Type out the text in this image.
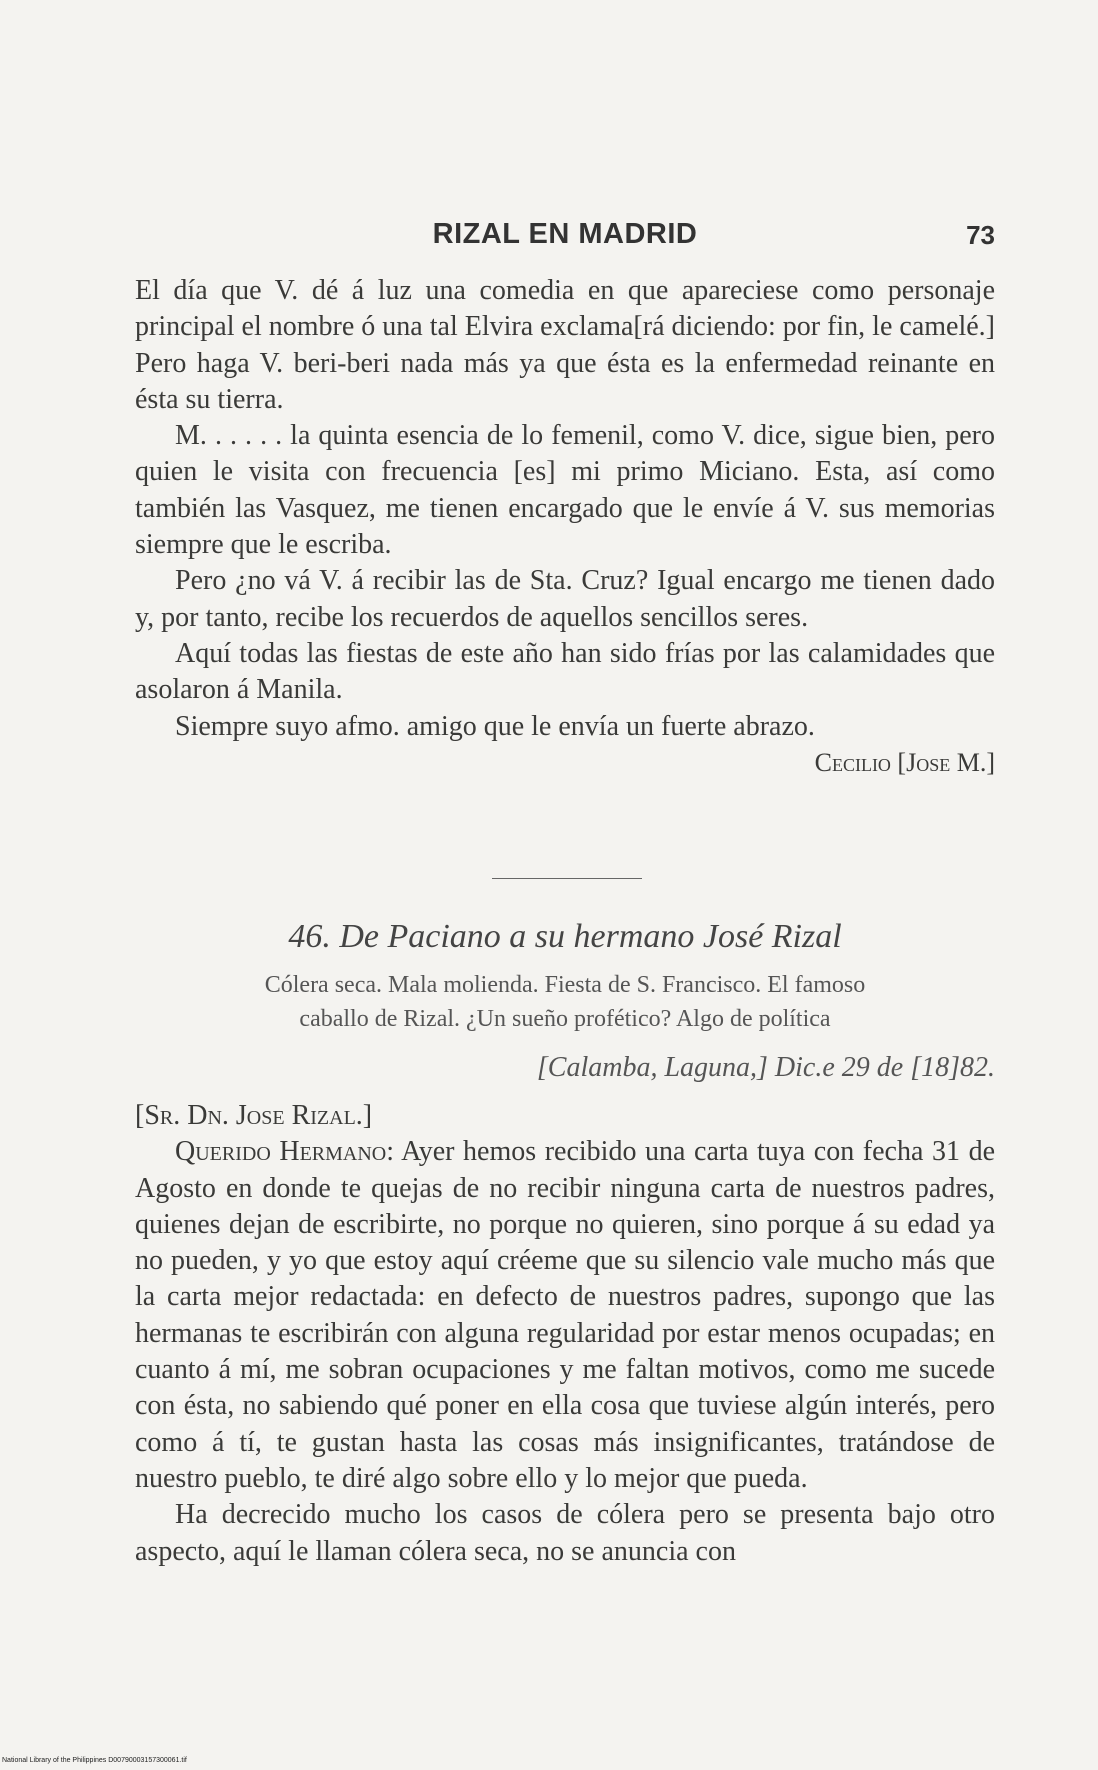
RIZAL EN MADRID	73

El día que V. dé á luz una comedia en que apareciese como personaje principal el nombre ó una tal Elvira exclama[rá diciendo: por fin, le camelé.] Pero haga V. beri-beri nada más ya que ésta es la enfermedad reinante en ésta su tierra.

M. . . . . . la quinta esencia de lo femenil, como V. dice, sigue bien, pero quien le visita con frecuencia [es] mi primo Miciano. Esta, así como también las Vasquez, me tienen encargado que le envíe á V. sus memorias siempre que le escriba.

Pero ¿no vá V. á recibir las de Sta. Cruz? Igual encargo me tienen dado y, por tanto, recibe los recuerdos de aquellos sencillos seres.

Aquí todas las fiestas de este año han sido frías por las calamidades que asolaron á Manila.

Siempre suyo afmo. amigo que le envía un fuerte abrazo.

Cecilio [Jose M.]
46. De Paciano a su hermano José Rizal
Cólera seca. Mala molienda. Fiesta de S. Francisco. El famoso
caballo de Rizal. ¿Un sueño profético? Algo de política
[Calamba, Laguna,] Dic.e 29 de [18]82.

[Sr. Dn. Jose Rizal.]

Querido Hermano: Ayer hemos recibido una carta tuya con fecha 31 de Agosto en donde te quejas de no recibir ninguna carta de nuestros padres, quienes dejan de escribirte, no porque no quieren, sino porque á su edad ya no pueden, y yo que estoy aquí créeme que su silencio vale mucho más que la carta mejor redactada: en defecto de nuestros padres, supongo que las hermanas te escribirán con alguna regularidad por estar menos ocupadas; en cuanto á mí, me sobran ocupaciones y me faltan motivos, como me sucede con ésta, no sabiendo qué poner en ella cosa que tuviese algún interés, pero como á tí, te gustan hasta las cosas más insignificantes, tratándose de nuestro pueblo, te diré algo sobre ello y lo mejor que pueda.

Ha decrecido mucho los casos de cólera pero se presenta bajo otro aspecto, aquí le llaman cólera seca, no se anuncia con

National Library of the Philippines D00790003157300061.tif
